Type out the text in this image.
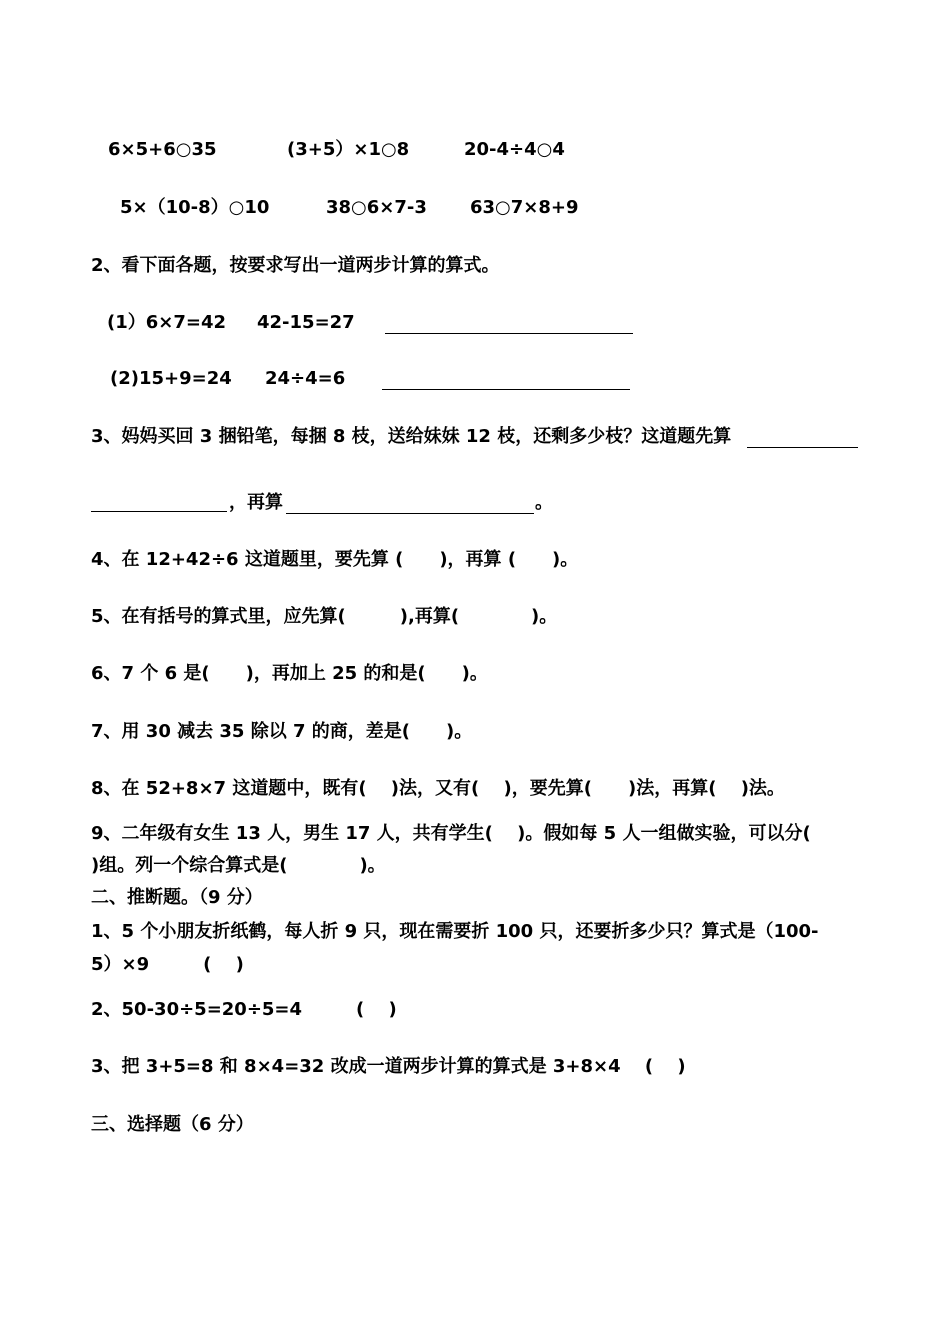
6×5+6○35	(3+5）×1○8	20-4÷4○4
5×（10-8）○10	38○6×7-3 63○7×8+9
2、看下面各题，按要求写出一道两步计算的算式。
(1）6×7=42 42-15=27
(2)15+9=24 24÷4=6
3、妈妈买回 3 捆铅笔，每捆 8 枝，送给妹妹 12 枝，还剩多少枝？这道题先算
，再算	。
4、在 12+42÷6 这道题里，要先算 (　　)，再算 (　　)。
5、在有括号的算式里，应先算(　　　),再算(　　　　)。
6、7 个 6 是(　　)，再加上 25 的和是(　　)。
7、用 30 减去 35 除以 7 的商，差是(　　)。
8、在 52+8×7 这道题中，既有(　 )法，又有(　 )，要先算(　　)法，再算(　 )法。
9、二年级有女生 13 人，男生 17 人，共有学生(　 )。假如每 5 人一组做实验，可以分(
)组。列一个综合算式是(　　　　)。
二、推断题。（9 分）
1、5 个小朋友折纸鹤，每人折 9 只，现在需要折 100 只，还要折多少只？算式是（100-
5）×9　　　(　 )
2、50-30÷5=20÷5=4　　　(　 )
3、把 3+5=8 和 8×4=32 改成一道两步计算的算式是 3+8×4　 (　 )
三、选择题（6 分）
